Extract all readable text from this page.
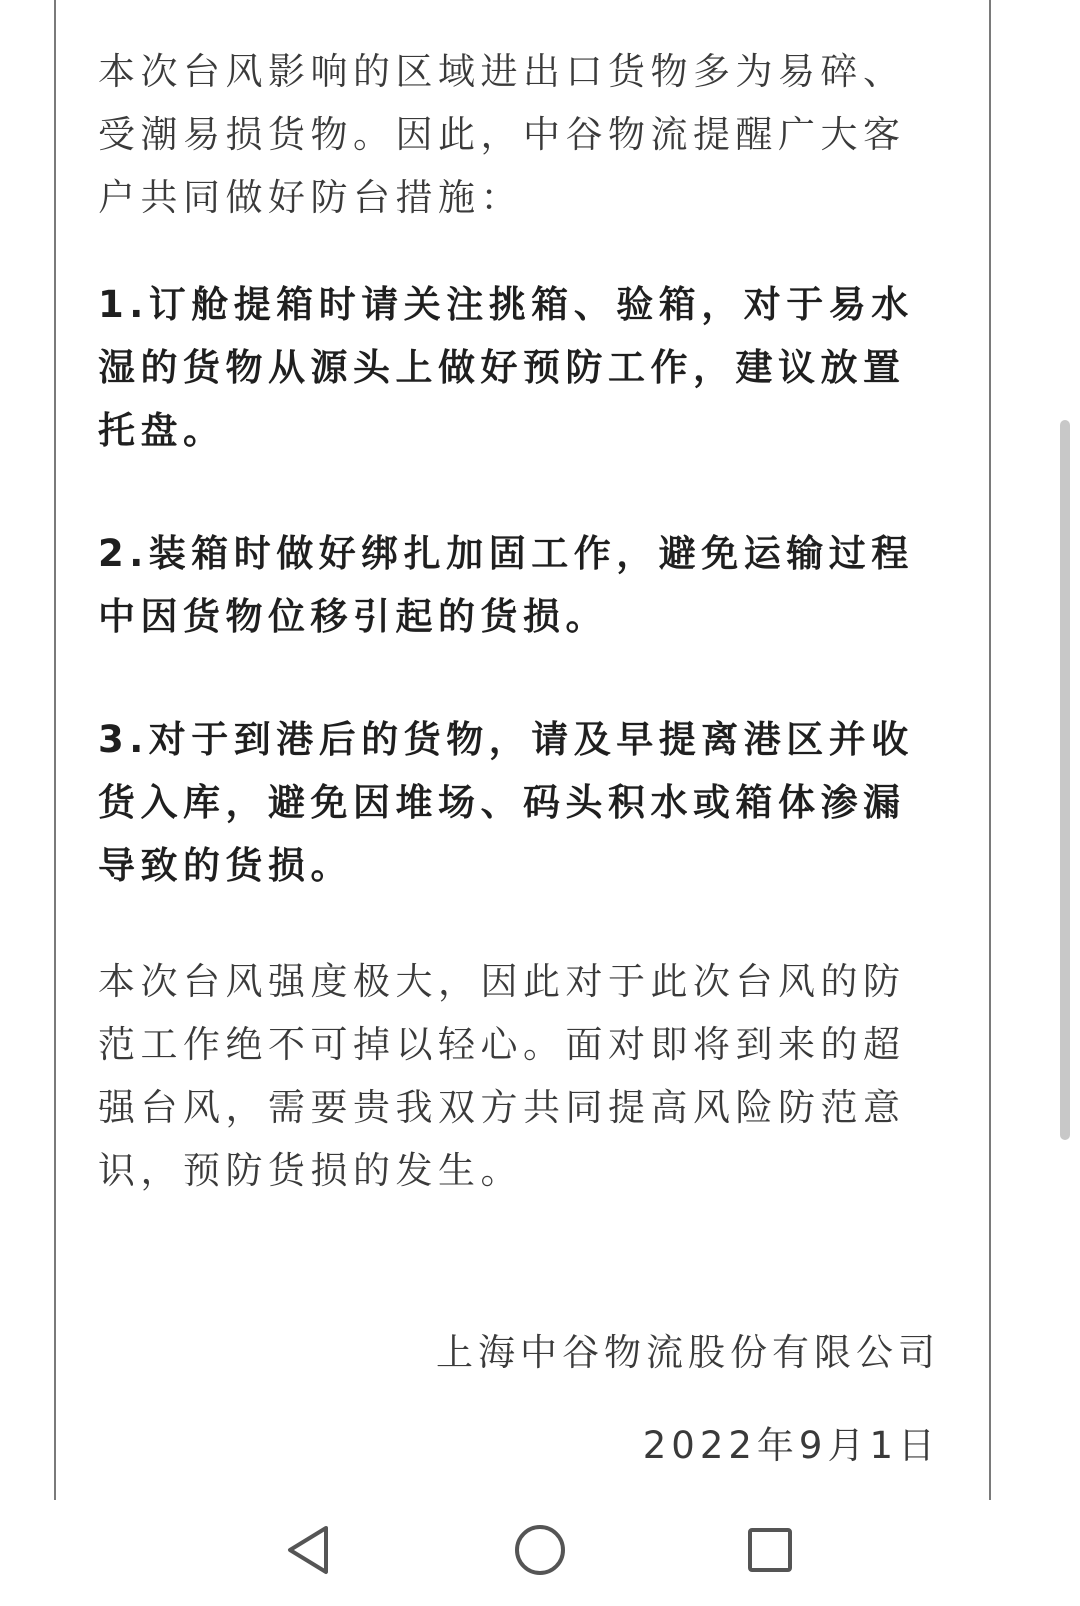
本次台风影响的区域进出口货物多为易碎、受潮易损货物。因此，中谷物流提醒广大客户共同做好防台措施：

1.订舱提箱时请关注挑箱、验箱，对于易水湿的货物从源头上做好预防工作，建议放置托盘。

2.装箱时做好绑扎加固工作，避免运输过程中因货物位移引起的货损。

3.对于到港后的货物，请及早提离港区并收货入库，避免因堆场、码头积水或箱体渗漏导致的货损。

本次台风强度极大，因此对于此次台风的防范工作绝不可掉以轻心。面对即将到来的超强台风，需要贵我双方共同提高风险防范意识，预防货损的发生。

上海中谷物流股份有限公司

2022年9月1日
